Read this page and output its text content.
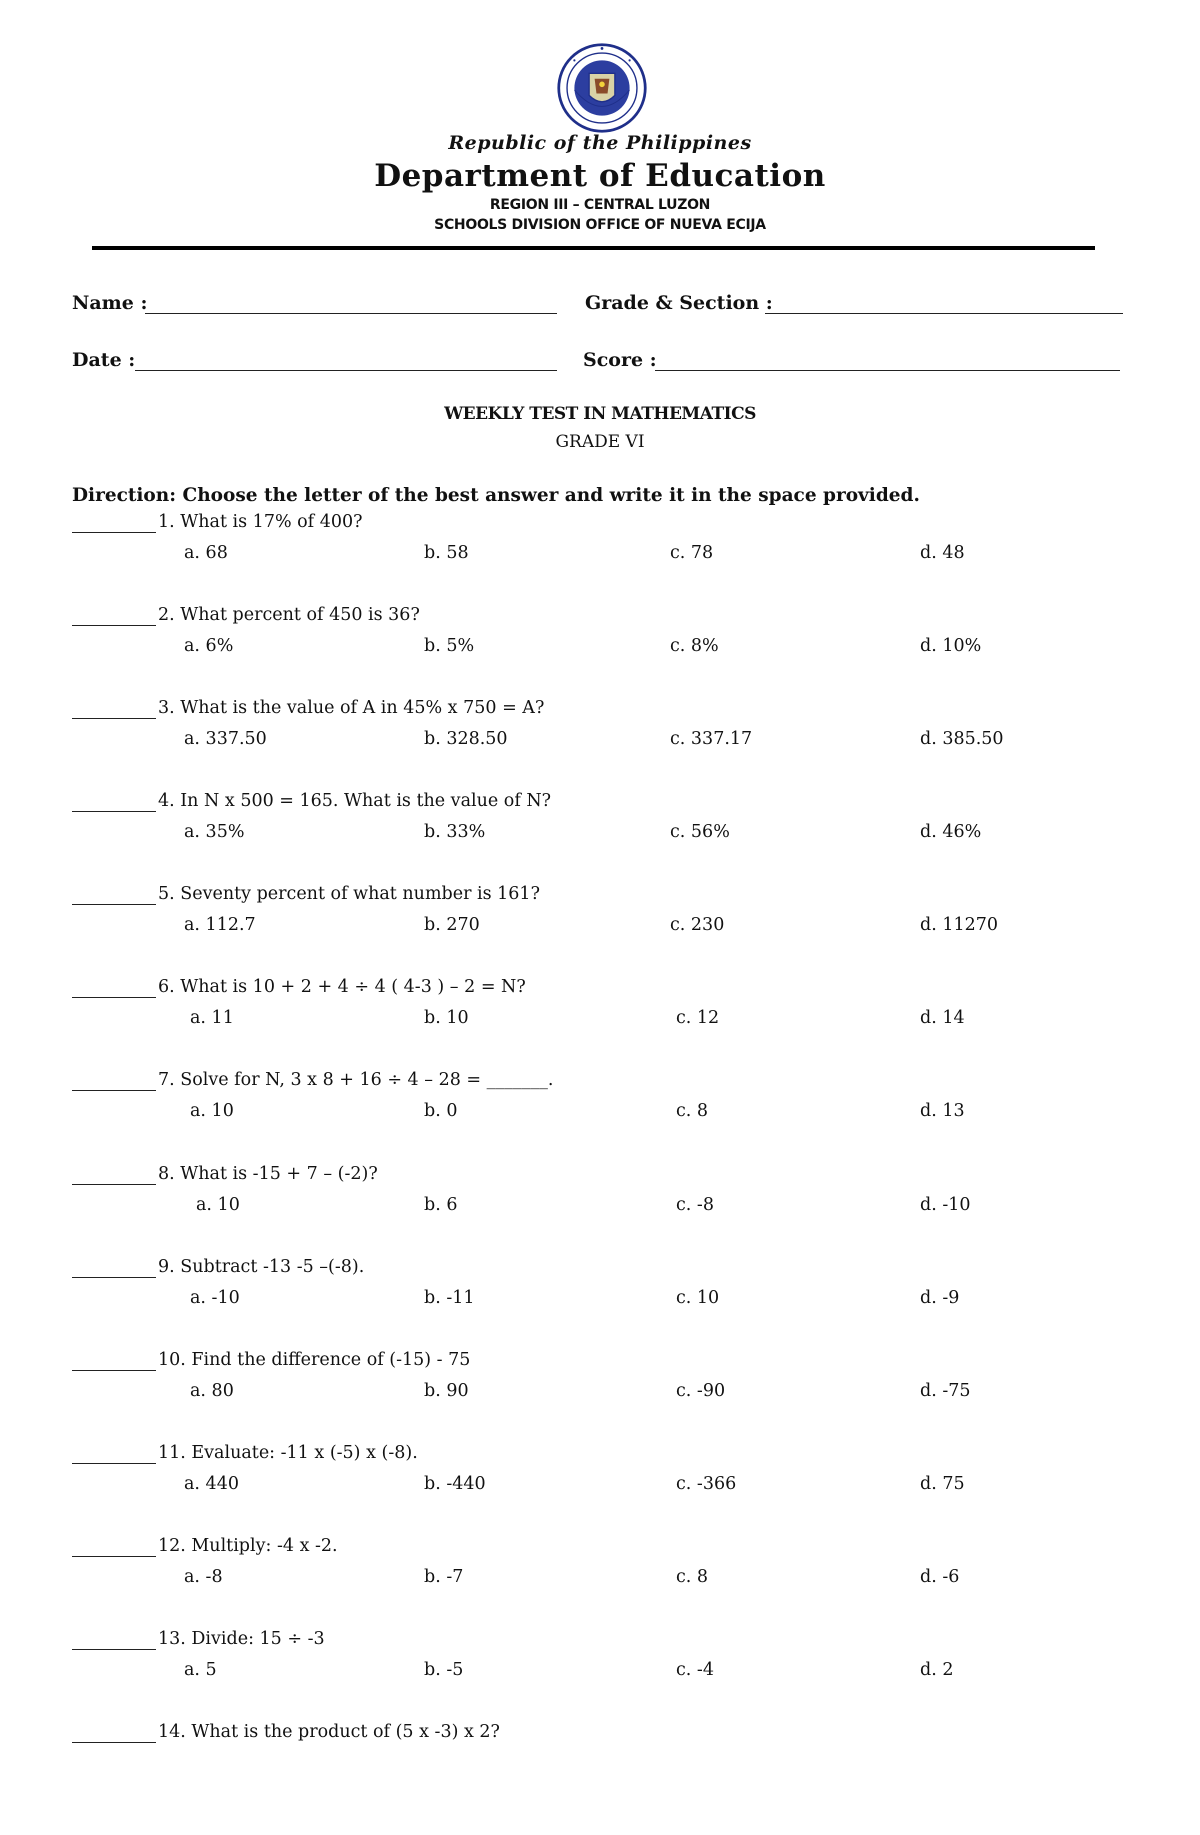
Republic of the Philippines
Department of Education
REGION III – CENTRAL LUZON
SCHOOLS DIVISION OFFICE OF NUEVA ECIJA
Name :	Grade & Section :
Date :	Score :
WEEKLY TEST IN MATHEMATICS
GRADE VI
Direction: Choose the letter of the best answer and write it in the space provided.
1. What is 17% of 400?
a. 68	b. 58	c. 78	d. 48
2. What percent of 450 is 36?
a. 6%	b. 5%	c. 8%	d. 10%
3. What is the value of A in 45% x 750 = A?
a. 337.50	b. 328.50	c. 337.17	d. 385.50
4. In N x 500 = 165. What is the value of N?
a. 35%	b. 33%	c. 56%	d. 46%
5. Seventy percent of what number is 161?
a. 112.7	b. 270	c. 230	d. 11270
6. What is 10 + 2 + 4 ÷ 4 ( 4-3 ) – 2 = N?
a. 11	b. 10	c. 12	d. 14
7. Solve for N, 3 x 8 + 16 ÷ 4 – 28 = _______.
a. 10	b. 0	c. 8	d. 13
8. What is -15 + 7 – (-2)?
a. 10	b. 6	c. -8	d. -10
9. Subtract -13 -5 –(-8).
a. -10	b. -11	c. 10	d. -9
10. Find the difference of (-15) - 75
a. 80	b. 90	c. -90	d. -75
11. Evaluate: -11 x (-5) x (-8).
a. 440	b. -440	c. -366	d. 75
12. Multiply: -4 x -2.
a. -8	b. -7	c. 8	d. -6
13. Divide: 15 ÷ -3
a. 5	b. -5	c. -4	d. 2
14. What is the product of (5 x -3) x 2?
